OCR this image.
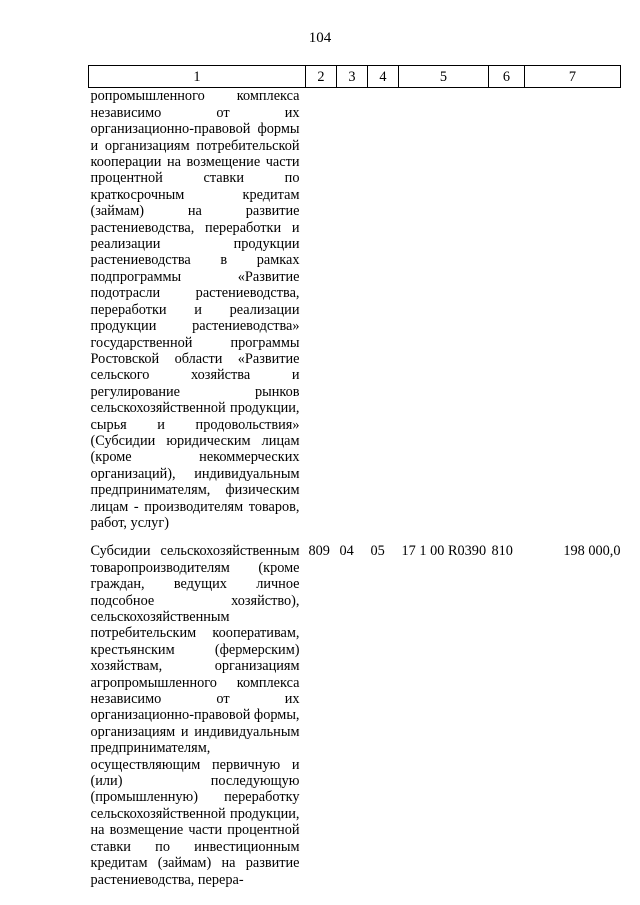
104
1	2	3	4	5	6	7
ропромышленного комплекса независимо от их организационно-правовой формы и организациям потребительской кооперации на возмещение части процентной ставки по краткосрочным кредитам (займам) на развитие растениеводства, переработки и реализации продукции растениеводства в рамках подпрограммы «Развитие подотрасли растениеводства, переработки и реализации продукции растениеводства» государственной программы Ростовской области «Развитие сельского хозяйства и регулирование рынков сельскохозяйственной продукции, сырья и продовольствия» (Субсидии юридическим лицам (кроме некоммерческих организаций), индивидуальным предпринимателям, физическим лицам - производителям товаров, работ, услуг)						
Субсидии сельскохозяйственным товаропроизводителям (кроме граждан, ведущих личное подсобное хозяйство), сельскохозяйственным потребительским кооперативам, крестьянским (фермерским) хозяйствам, организациям агропромышленного комплекса независимо от их организационно-правовой формы, организациям и индивидуальным предпринимателям, осуществляющим первичную и (или) последующую (промышленную) переработку сельскохозяйственной продукции, на возмещение части процентной ставки по инвестиционным кредитам (займам) на развитие растениеводства, перера-	809	04	05	17 1 00 R0390	810	198 000,0
